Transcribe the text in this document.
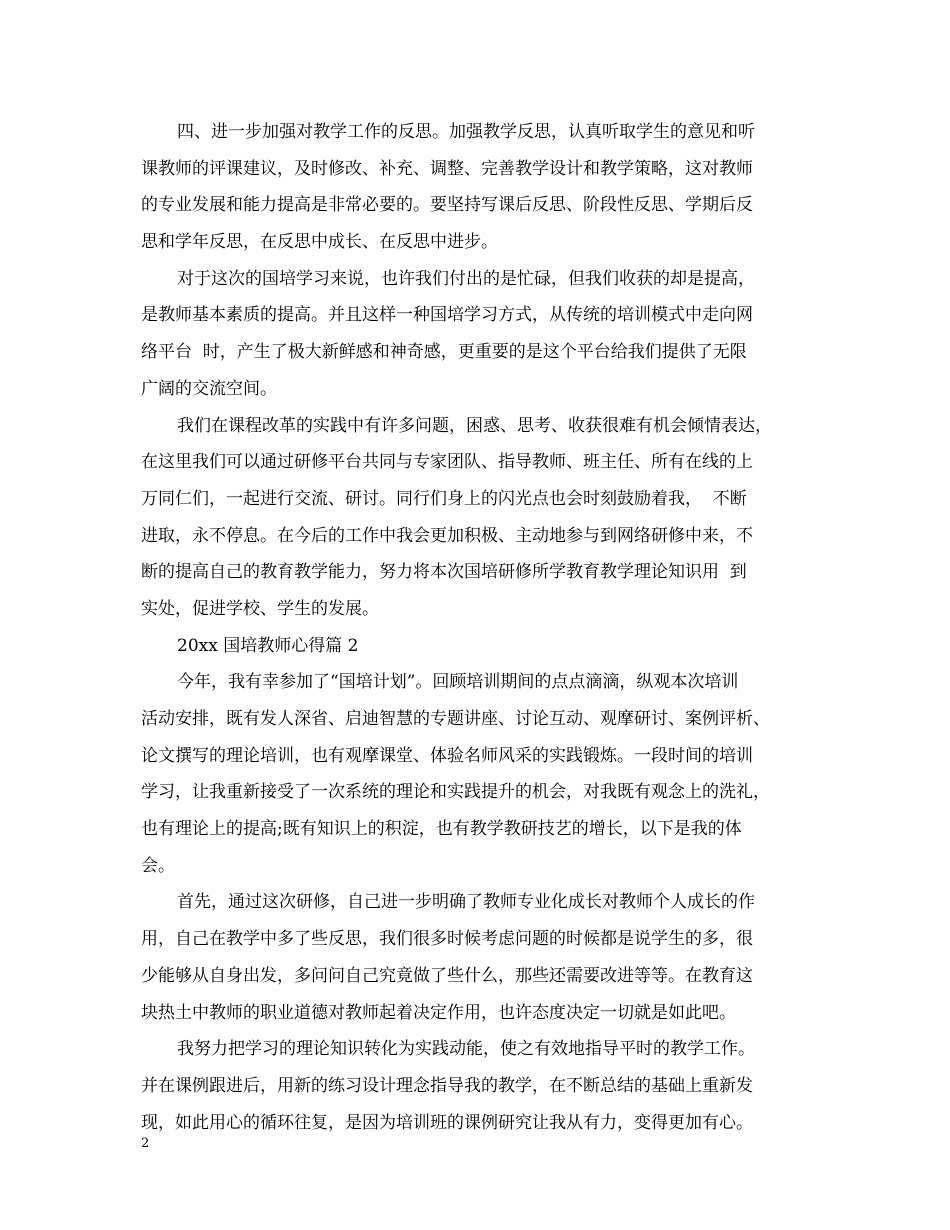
四、进一步加强对教学工作的反思。加强教学反思，认真听取学生的意见和听
课教师的评课建议，及时修改、补充、调整、完善教学设计和教学策略，这对教师
的专业发展和能力提高是非常必要的。要坚持写课后反思、阶段性反思、学期后反
思和学年反思，在反思中成长、在反思中进步。
对于这次的国培学习来说，也许我们付出的是忙碌，但我们收获的却是提高，
是教师基本素质的提高。并且这样一种国培学习方式，从传统的培训模式中走向网
络平台  时，产生了极大新鲜感和神奇感，更重要的是这个平台给我们提供了无限
广阔的交流空间。
我们在课程改革的实践中有许多问题，困惑、思考、收获很难有机会倾情表达，
在这里我们可以通过研修平台共同与专家团队、指导教师、班主任、所有在线的上
万同仁们，一起进行交流、研讨。同行们身上的闪光点也会时刻鼓励着我，  不断
进取，永不停息。在今后的工作中我会更加积极、主动地参与到网络研修中来，不
断的提高自己的教育教学能力，努力将本次国培研修所学教育教学理论知识用  到
实处，促进学校、学生的发展。
20xx 国培教师心得篇 2
今年，我有幸参加了“国培计划”。回顾培训期间的点点滴滴，纵观本次培训
活动安排，既有发人深省、启迪智慧的专题讲座、讨论互动、观摩研讨、案例评析、
论文撰写的理论培训，也有观摩课堂、体验名师风采的实践锻炼。一段时间的培训
学习，让我重新接受了一次系统的理论和实践提升的机会，对我既有观念上的洗礼，
也有理论上的提高;既有知识上的积淀，也有教学教研技艺的增长，以下是我的体
会。
首先，通过这次研修，自己进一步明确了教师专业化成长对教师个人成长的作
用，自己在教学中多了些反思，我们很多时候考虑问题的时候都是说学生的多，很
少能够从自身出发，多问问自己究竟做了些什么，那些还需要改进等等。在教育这
块热土中教师的职业道德对教师起着决定作用，也许态度决定一切就是如此吧。
我努力把学习的理论知识转化为实践动能，使之有效地指导平时的教学工作。
并在课例跟进后，用新的练习设计理念指导我的教学，在不断总结的基础上重新发
现，如此用心的循环往复，是因为培训班的课例研究让我从有力，变得更加有心。
2
